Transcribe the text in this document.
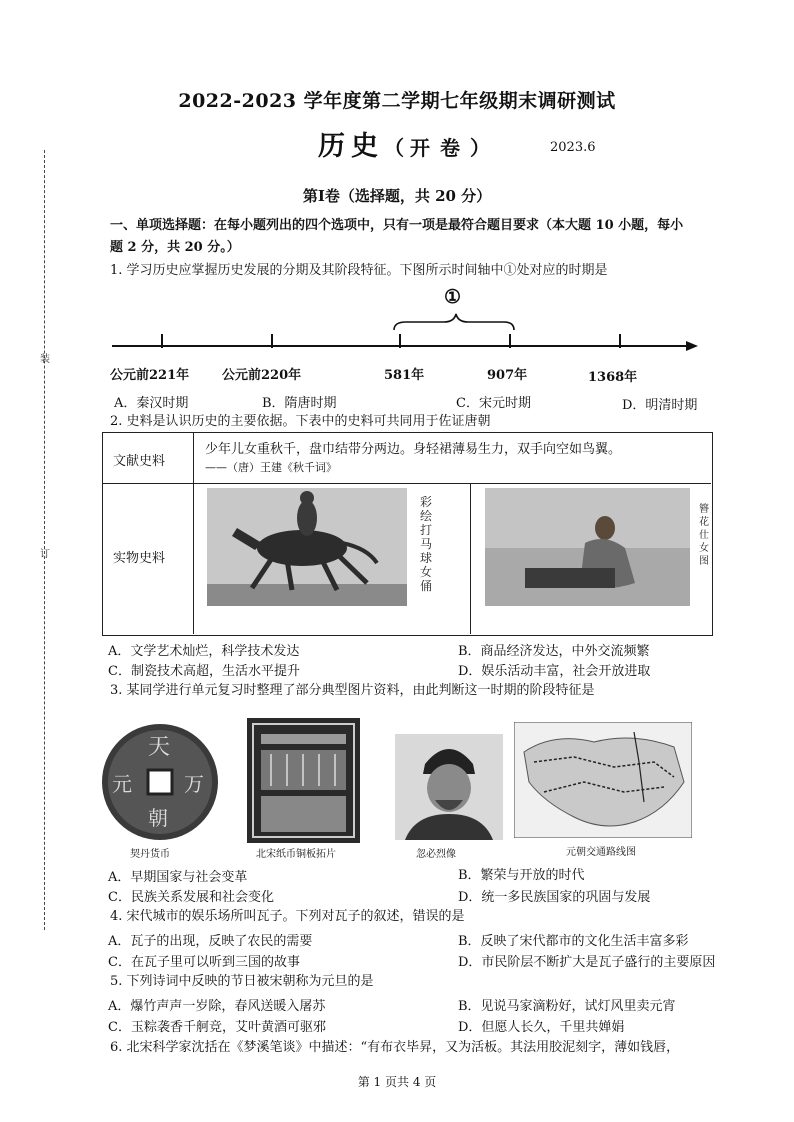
装
订
2022-2023 学年度第二学期七年级期末调研测试
历史（开卷）	2023.6
第Ⅰ卷（选择题，共 20 分）
一、单项选择题：在每小题列出的四个选项中，只有一项是最符合题目要求（本大题 10 小题，每小
题 2 分，共 20 分。）
1. 学习历史应掌握历史发展的分期及其阶段特征。下图所示时间轴中①处对应的时期是
①
公元前221年	公元前220年	581年	907年	1368年
A．秦汉时期	B．隋唐时期	C．宋元时期	D．明清时期
2. 史料是认识历史的主要依据。下表中的史料可共同用于佐证唐朝
文献史料
少年儿女重秋千，盘巾结带分两边。身轻裙薄易生力，双手向空如鸟翼。
——（唐）王建《秋千词》
实物史料
彩绘打马球女俑
簪花仕女图
A．文学艺术灿烂，科学技术发达	B．商品经济发达，中外交流频繁
C．制瓷技术高超，生活水平提升	D．娱乐活动丰富，社会开放进取
3. 某同学进行单元复习时整理了部分典型图片资料，由此判断这一时期的阶段特征是
天
朝
元	万
契丹货币	北宋纸币铜板拓片	忽必烈像	元朝交通路线图
A．早期国家与社会变革	B．繁荣与开放的时代
C．民族关系发展和社会变化	D．统一多民族国家的巩固与发展
4. 宋代城市的娱乐场所叫瓦子。下列对瓦子的叙述，错误的是
A．瓦子的出现，反映了农民的需要	B．反映了宋代都市的文化生活丰富多彩
C．在瓦子里可以听到三国的故事	D．市民阶层不断扩大是瓦子盛行的主要原因
5. 下列诗词中反映的节日被宋朝称为元旦的是
A．爆竹声声一岁除，春风送暖入屠苏	B．见说马家滴粉好，试灯风里卖元宵
C．玉粽袭香千舸竞，艾叶黄酒可驱邪	D．但愿人长久，千里共婵娟
6. 北宋科学家沈括在《梦溪笔谈》中描述：“有布衣毕昇，又为活板。其法用胶泥刻字，薄如钱唇，
第 1 页共 4 页
